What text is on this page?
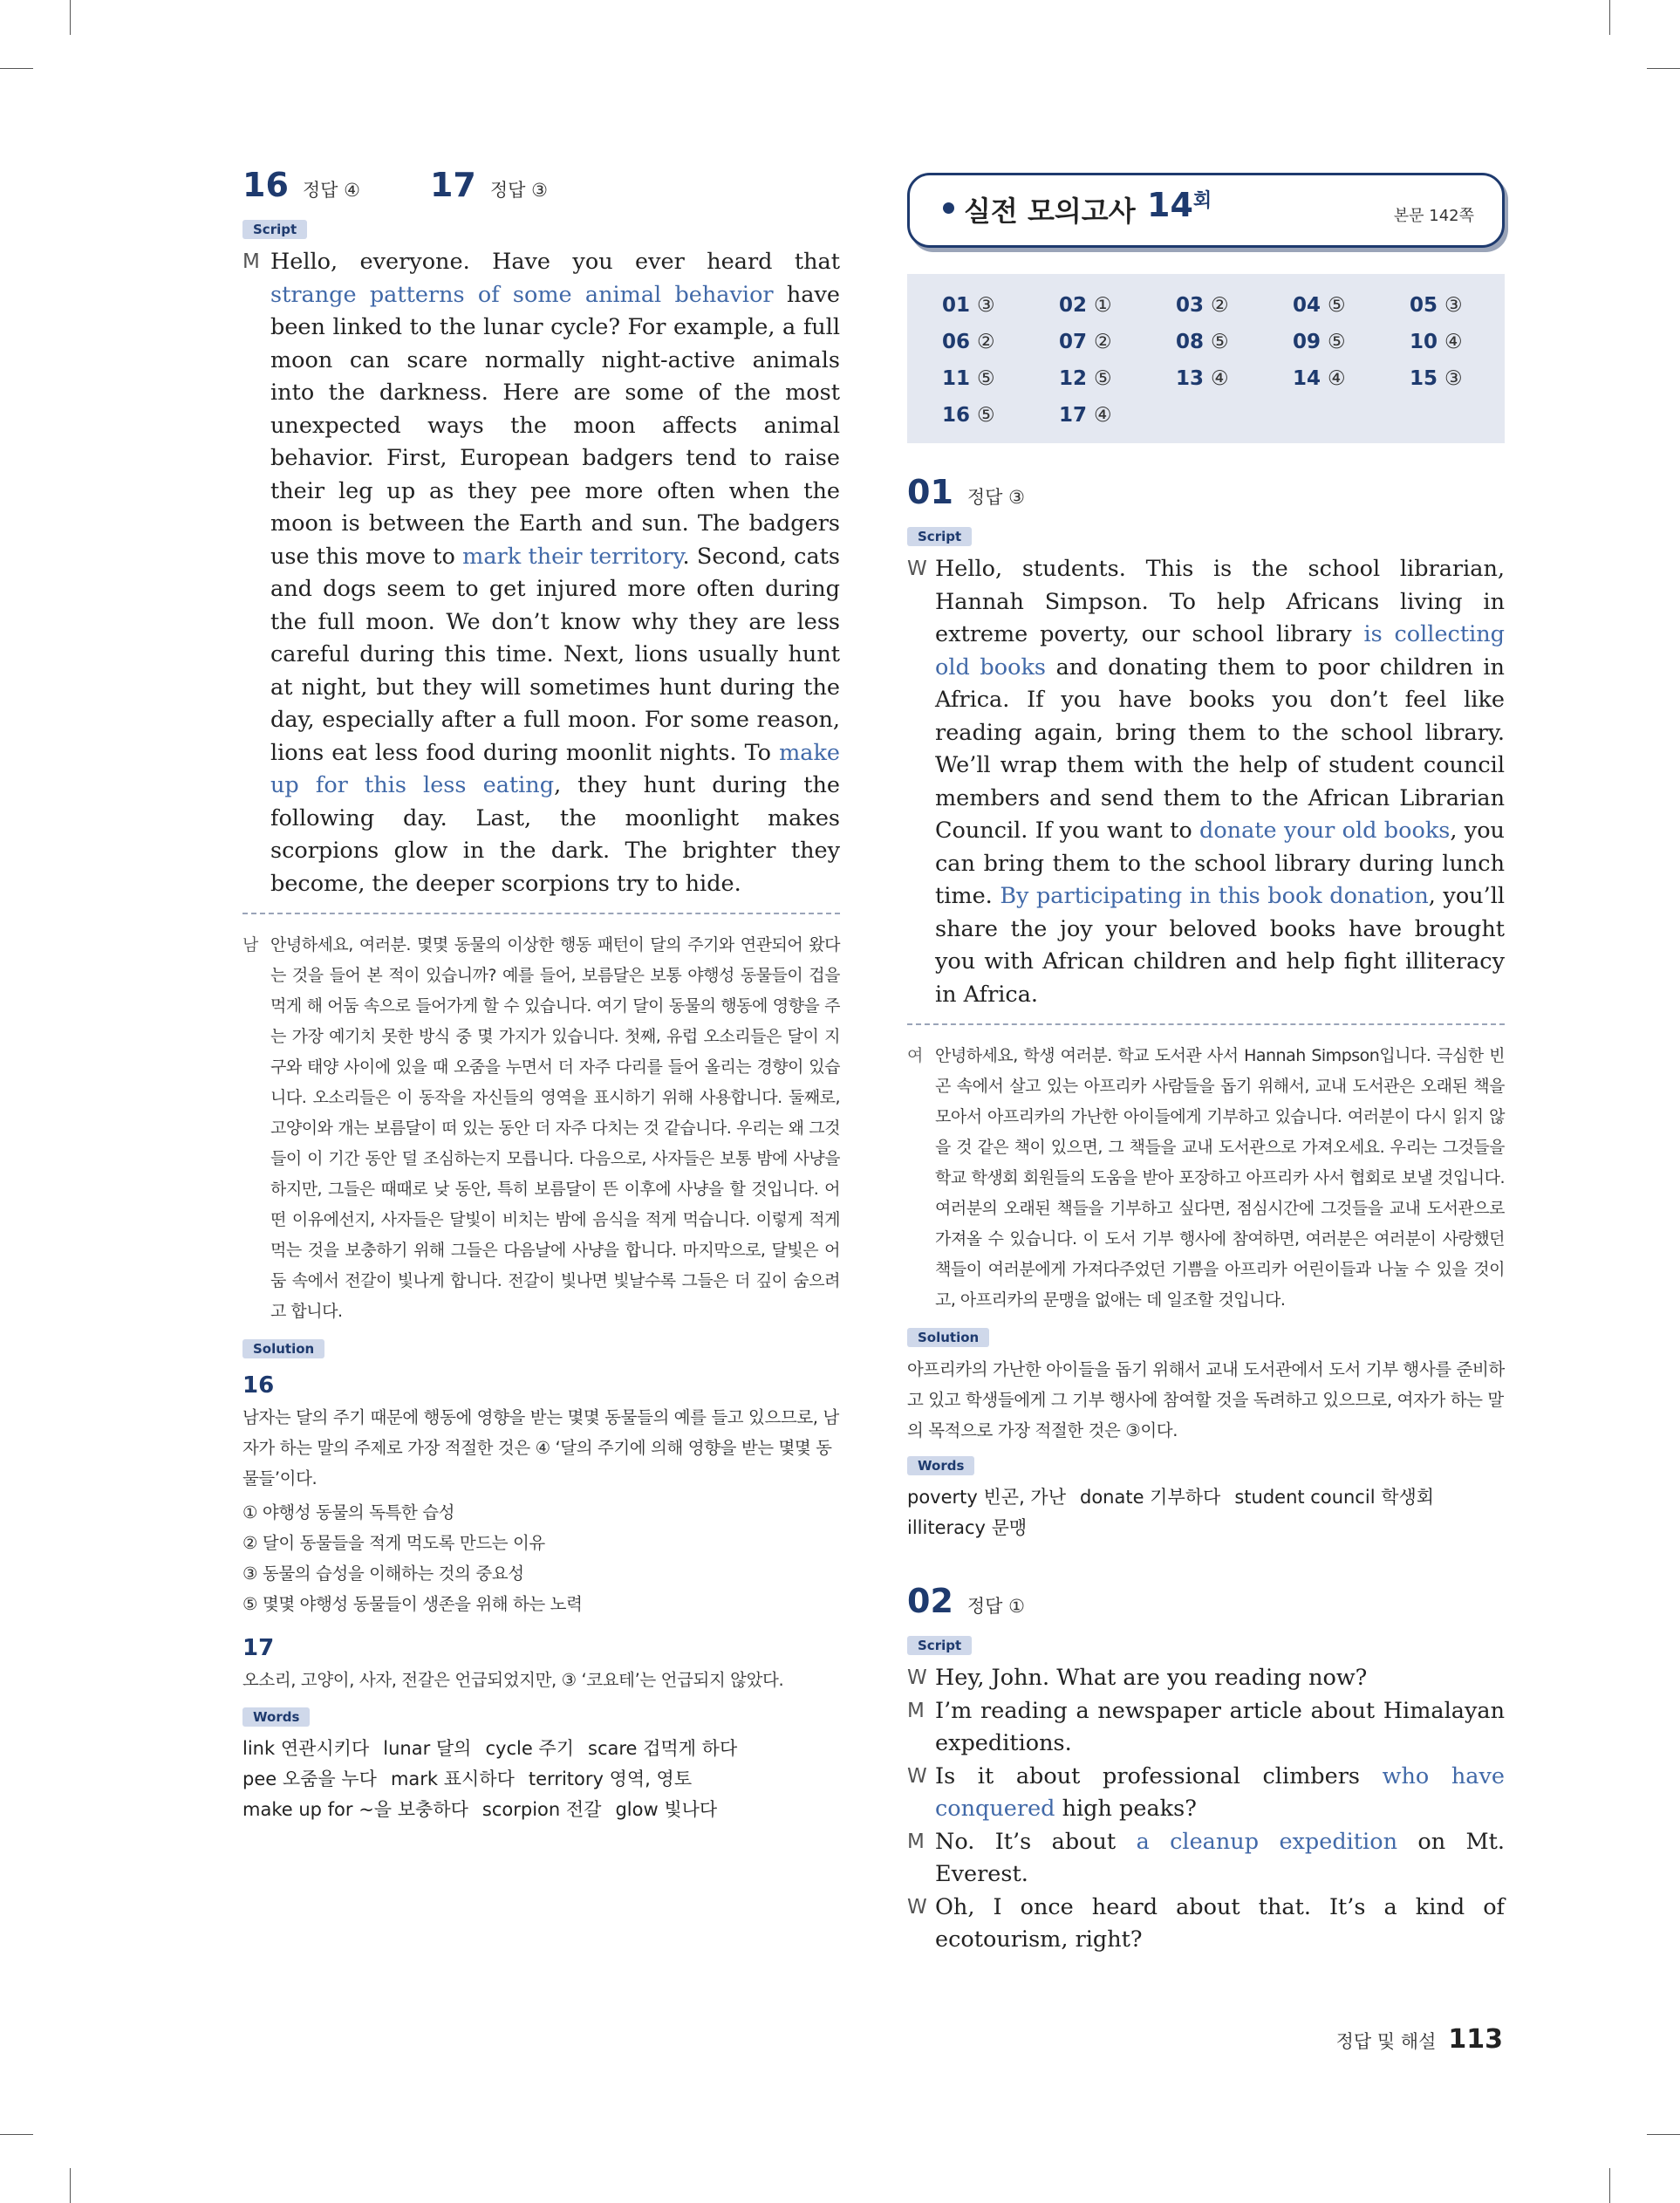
16 정답 ④ 17 정답 ③
Script
M Hello, everyone. Have you ever heard that strange patterns of some animal behavior have been linked to the lunar cycle? For example, a full moon can scare normally night-active animals into the darkness. Here are some of the most unexpected ways the moon affects animal behavior. First, European badgers tend to raise their leg up as they pee more often when the moon is between the Earth and sun. The badgers use this move to mark their territory. Second, cats and dogs seem to get injured more often during the full moon. We don’t know why they are less careful during this time. Next, lions usually hunt at night, but they will sometimes hunt during the day, especially after a full moon. For some reason, lions eat less food during moonlit nights. To make up for this less eating, they hunt during the following day. Last, the moonlight makes scorpions glow in the dark. The brighter they become, the deeper scorpions try to hide.
남 안녕하세요, 여러분. 몇몇 동물의 이상한 행동 패턴이 달의 주기와 연관되어 왔다는 것을 들어 본 적이 있습니까? 예를 들어, 보름달은 보통 야행성 동물들이 겁을 먹게 해 어둠 속으로 들어가게 할 수 있습니다. 여기 달이 동물의 행동에 영향을 주는 가장 예기치 못한 방식 중 몇 가지가 있습니다. 첫째, 유럽 오소리들은 달이 지구와 태양 사이에 있을 때 오줌을 누면서 더 자주 다리를 들어 올리는 경향이 있습니다. 오소리들은 이 동작을 자신들의 영역을 표시하기 위해 사용합니다. 둘째로, 고양이와 개는 보름달이 떠 있는 동안 더 자주 다치는 것 같습니다. 우리는 왜 그것들이 이 기간 동안 덜 조심하는지 모릅니다. 다음으로, 사자들은 보통 밤에 사냥을 하지만, 그들은 때때로 낮 동안, 특히 보름달이 뜬 이후에 사냥을 할 것입니다. 어떤 이유에선지, 사자들은 달빛이 비치는 밤에 음식을 적게 먹습니다. 이렇게 적게 먹는 것을 보충하기 위해 그들은 다음날에 사냥을 합니다. 마지막으로, 달빛은 어둠 속에서 전갈이 빛나게 합니다. 전갈이 빛나면 빛날수록 그들은 더 깊이 숨으려고 합니다.
Solution
16
남자는 달의 주기 때문에 행동에 영향을 받는 몇몇 동물들의 예를 들고 있으므로, 남자가 하는 말의 주제로 가장 적절한 것은 ④ ‘달의 주기에 의해 영향을 받는 몇몇 동물들’이다.
① 야행성 동물의 독특한 습성
② 달이 동물들을 적게 먹도록 만드는 이유
③ 동물의 습성을 이해하는 것의 중요성
⑤ 몇몇 야행성 동물들이 생존을 위해 하는 노력
17
오소리, 고양이, 사자, 전갈은 언급되었지만, ③ ‘코요테’는 언급되지 않았다.
Words
link 연관시키다 lunar 달의 cycle 주기 scare 겁먹게 하다
pee 오줌을 누다 mark 표시하다 territory 영역, 영토
make up for ~을 보충하다 scorpion 전갈 glow 빛나다
실전 모의고사 $14^회$
본문 142쪽
01 ③	02 ①	03 ②	04 ⑤	05 ③
06 ②	07 ②	08 ⑤	09 ⑤	10 ④
11 ⑤	12 ⑤	13 ④	14 ④	15 ③
16 ⑤	17 ④
01 정답 ③
Script
W Hello, students. This is the school librarian, Hannah Simpson. To help Africans living in extreme poverty, our school library is collecting old books and donating them to poor children in Africa. If you have books you don’t feel like reading again, bring them to the school library. We’ll wrap them with the help of student council members and send them to the African Librarian Council. If you want to donate your old books, you can bring them to the school library during lunch time. By participating in this book donation, you’ll share the joy your beloved books have brought you with African children and help fight illiteracy in Africa.
여 안녕하세요, 학생 여러분. 학교 도서관 사서 Hannah Simpson입니다. 극심한 빈곤 속에서 살고 있는 아프리카 사람들을 돕기 위해서, 교내 도서관은 오래된 책을 모아서 아프리카의 가난한 아이들에게 기부하고 있습니다. 여러분이 다시 읽지 않을 것 같은 책이 있으면, 그 책들을 교내 도서관으로 가져오세요. 우리는 그것들을 학교 학생회 회원들의 도움을 받아 포장하고 아프리카 사서 협회로 보낼 것입니다. 여러분의 오래된 책들을 기부하고 싶다면, 점심시간에 그것들을 교내 도서관으로 가져올 수 있습니다. 이 도서 기부 행사에 참여하면, 여러분은 여러분이 사랑했던 책들이 여러분에게 가져다주었던 기쁨을 아프리카 어린이들과 나눌 수 있을 것이고, 아프리카의 문맹을 없애는 데 일조할 것입니다.
Solution
아프리카의 가난한 아이들을 돕기 위해서 교내 도서관에서 도서 기부 행사를 준비하고 있고 학생들에게 그 기부 행사에 참여할 것을 독려하고 있으므로, 여자가 하는 말의 목적으로 가장 적절한 것은 ③이다.
Words
poverty 빈곤, 가난 donate 기부하다 student council 학생회
illiteracy 문맹
02 정답 ①
Script
W Hey, John. What are you reading now?
M I’m reading a newspaper article about Himalayan expeditions.
W Is it about professional climbers who have conquered high peaks?
M No. It’s about a cleanup expedition on Mt. Everest.
W Oh, I once heard about that. It’s a kind of ecotourism, right?
정답 및 해설 113
